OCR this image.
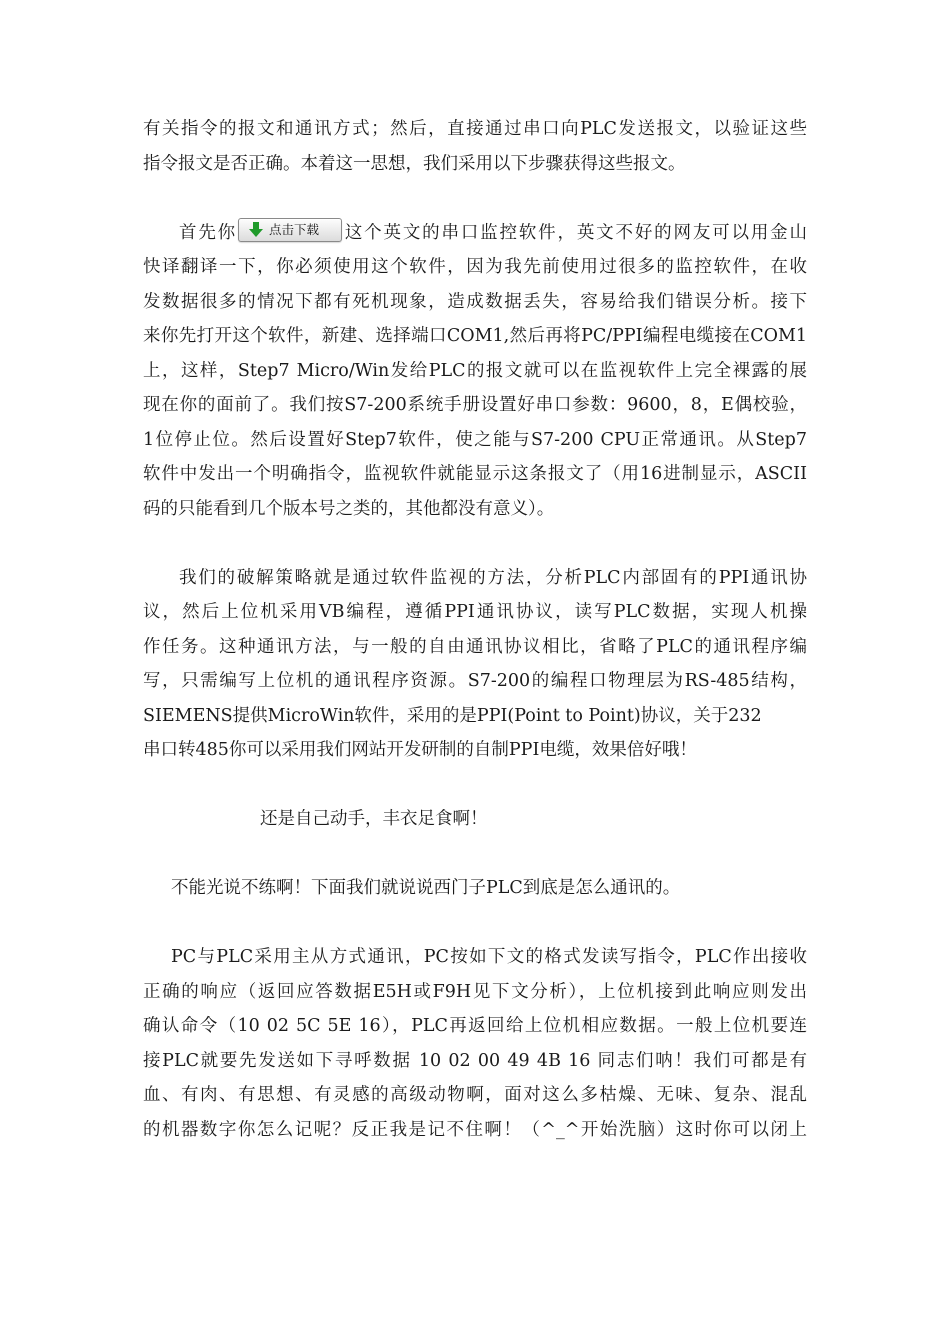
有关指令的报文和通讯方式；然后，直接通过串口向PLC发送报文，以验证这些
指令报文是否正确。本着这一思想，我们采用以下步骤获得这些报文。
首先你	点击下载 这个英文的串口监控软件，英文不好的网友可以用金山
快译翻译一下，你必须使用这个软件，因为我先前使用过很多的监控软件，在收
发数据很多的情况下都有死机现象，造成数据丢失，容易给我们错误分析。接下
来你先打开这个软件，新建、选择端口COM1,然后再将PC/PPI编程电缆接在COM1
上，这样，Step7 Micro/Win发给PLC的报文就可以在监视软件上完全裸露的展
现在你的面前了。我们按S7-200系统手册设置好串口参数：9600，8，E偶校验，
1位停止位。然后设置好Step7软件，使之能与S7-200 CPU正常通讯。从Step7
软件中发出一个明确指令，监视软件就能显示这条报文了（用16进制显示，ASCII
码的只能看到几个版本号之类的，其他都没有意义）。
我们的破解策略就是通过软件监视的方法，分析PLC内部固有的PPI通讯协
议，然后上位机采用VB编程，遵循PPI通讯协议，读写PLC数据，实现人机操
作任务。这种通讯方法，与一般的自由通讯协议相比，省略了PLC的通讯程序编
写，只需编写上位机的通讯程序资源。S7-200的编程口物理层为RS-485结构，
SIEMENS提供MicroWin软件，采用的是PPI(Point to Point)协议，关于232
串口转485你可以采用我们网站开发研制的自制PPI电缆，效果倍好哦！
还是自己动手，丰衣足食啊！
不能光说不练啊！下面我们就说说西门子PLC到底是怎么通讯的。
PC与PLC采用主从方式通讯，PC按如下文的格式发读写指令，PLC作出接收
正确的响应（返回应答数据E5H或F9H见下文分析），上位机接到此响应则发出
确认命令（10 02 5C 5E 16），PLC再返回给上位机相应数据。一般上位机要连
接PLC就要先发送如下寻呼数据 10 02 00 49 4B 16 同志们呐！我们可都是有
血、有肉、有思想、有灵感的高级动物啊，面对这么多枯燥、无味、复杂、混乱
的机器数字你怎么记呢？反正我是记不住啊！（^_^开始洗脑）这时你可以闭上
